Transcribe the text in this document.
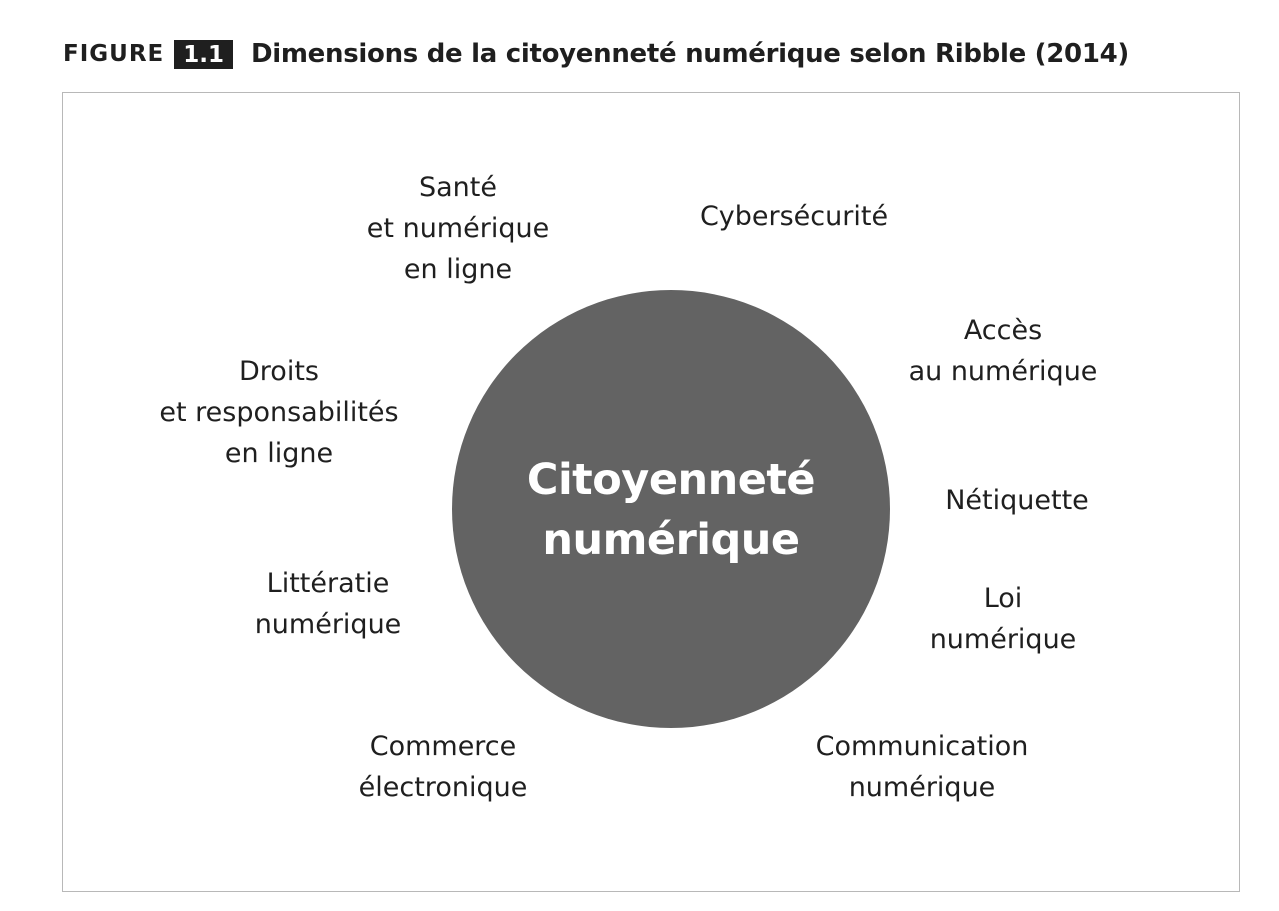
FIGURE 1.1	Dimensions de la citoyenneté numérique selon Ribble (2014)
Citoyenneté
numérique
Santé
et numérique
en ligne
Cybersécurité
Accès
au numérique
Nétiquette
Loi
numérique
Communication
numérique
Commerce
électronique
Littératie
numérique
Droits
et responsabilités
en ligne
